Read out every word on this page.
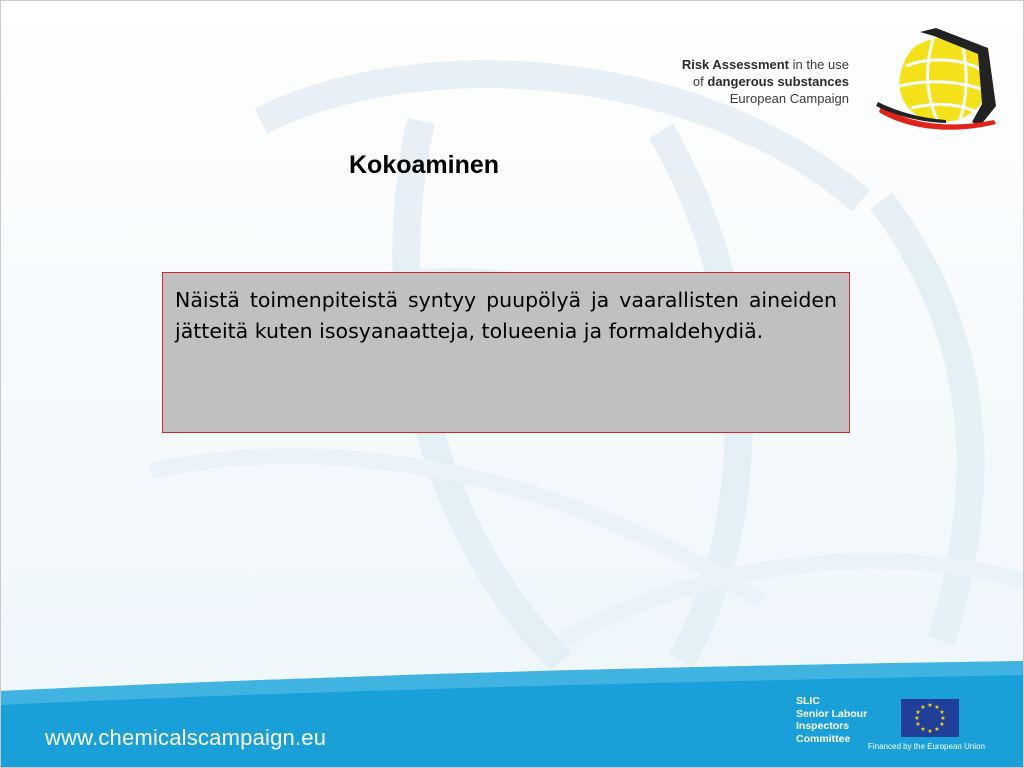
Risk Assessment in the use
of dangerous substances
European Campaign
Kokoaminen
Näistä toimenpiteistä syntyy puupölyä ja vaarallisten aineiden jätteitä kuten isosyanaatteja, tolueenia ja formaldehydiä.
www.chemicalscampaign.eu
SLIC
Senior Labour
Inspectors
Committee
★ ★
★
★
★
★
★
★
★
★
★
★
Financed by the European Union
